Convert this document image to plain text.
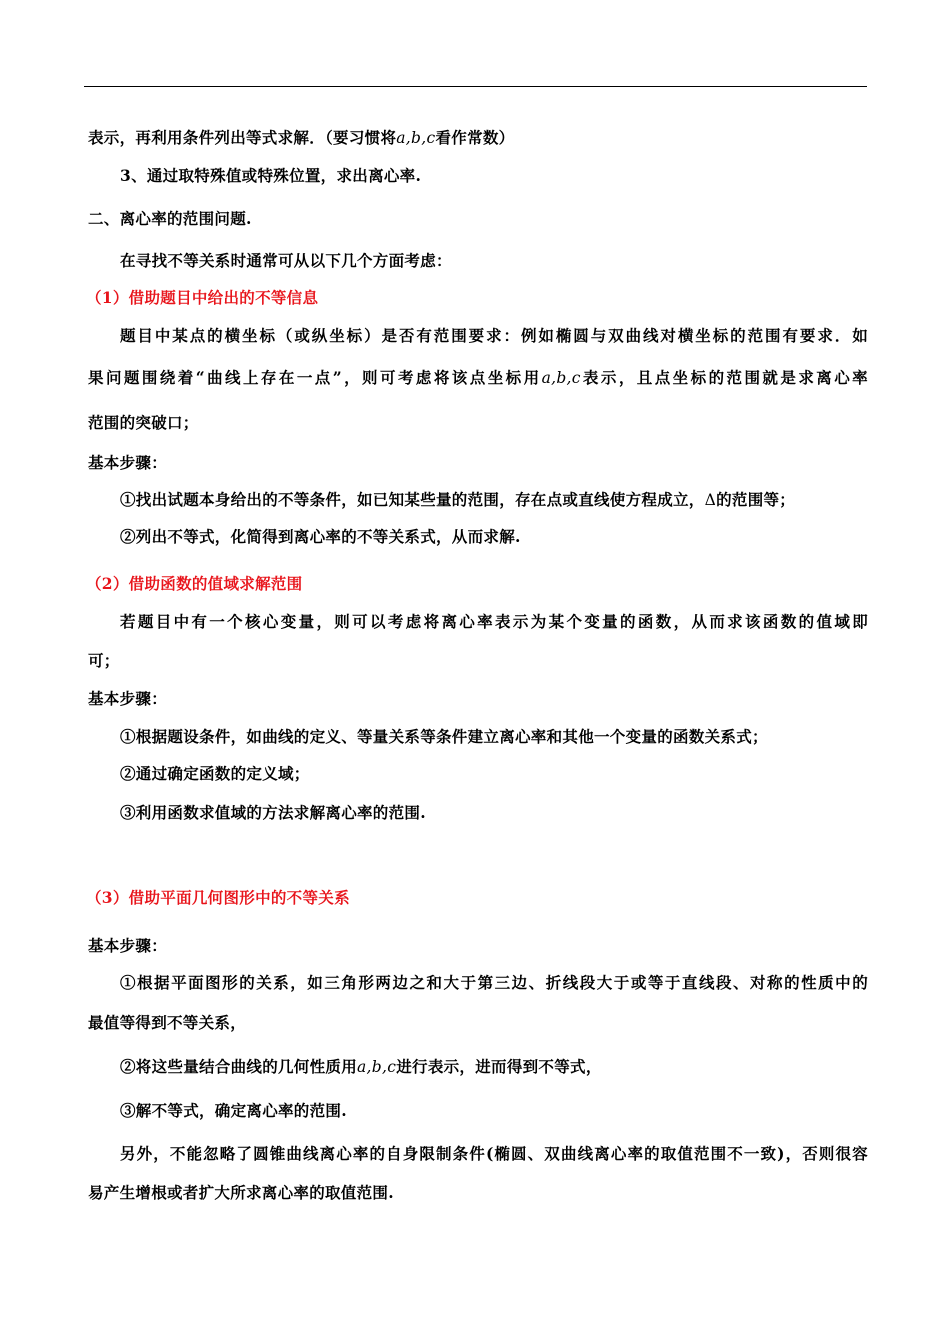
表示，再利用条件列出等式求解．（要习惯将a,b,c看作常数）
3、通过取特殊值或特殊位置，求出离心率.
二、离心率的范围问题.
在寻找不等关系时通常可从以下几个方面考虑：
（1）借助题目中给出的不等信息
题目中某点的横坐标（或纵坐标）是否有范围要求：例如椭圆与双曲线对横坐标的范围有要求．如
果问题围绕着“曲线上存在一点”，则可考虑将该点坐标用a,b,c表示，且点坐标的范围就是求离心率
范围的突破口；
基本步骤：
①找出试题本身给出的不等条件，如已知某些量的范围，存在点或直线使方程成立，Δ的范围等；
②列出不等式，化简得到离心率的不等关系式，从而求解.
（2）借助函数的值域求解范围
若题目中有一个核心变量，则可以考虑将离心率表示为某个变量的函数，从而求该函数的值域即
可；
基本步骤：
①根据题设条件，如曲线的定义、等量关系等条件建立离心率和其他一个变量的函数关系式；
②通过确定函数的定义域；
③利用函数求值域的方法求解离心率的范围.
（3）借助平面几何图形中的不等关系
基本步骤：
①根据平面图形的关系，如三角形两边之和大于第三边、折线段大于或等于直线段、对称的性质中的
最值等得到不等关系，
②将这些量结合曲线的几何性质用a,b,c进行表示，进而得到不等式，
③解不等式，确定离心率的范围.
另外，不能忽略了圆锥曲线离心率的自身限制条件(椭圆、双曲线离心率的取值范围不一致)，否则很容
易产生增根或者扩大所求离心率的取值范围.
